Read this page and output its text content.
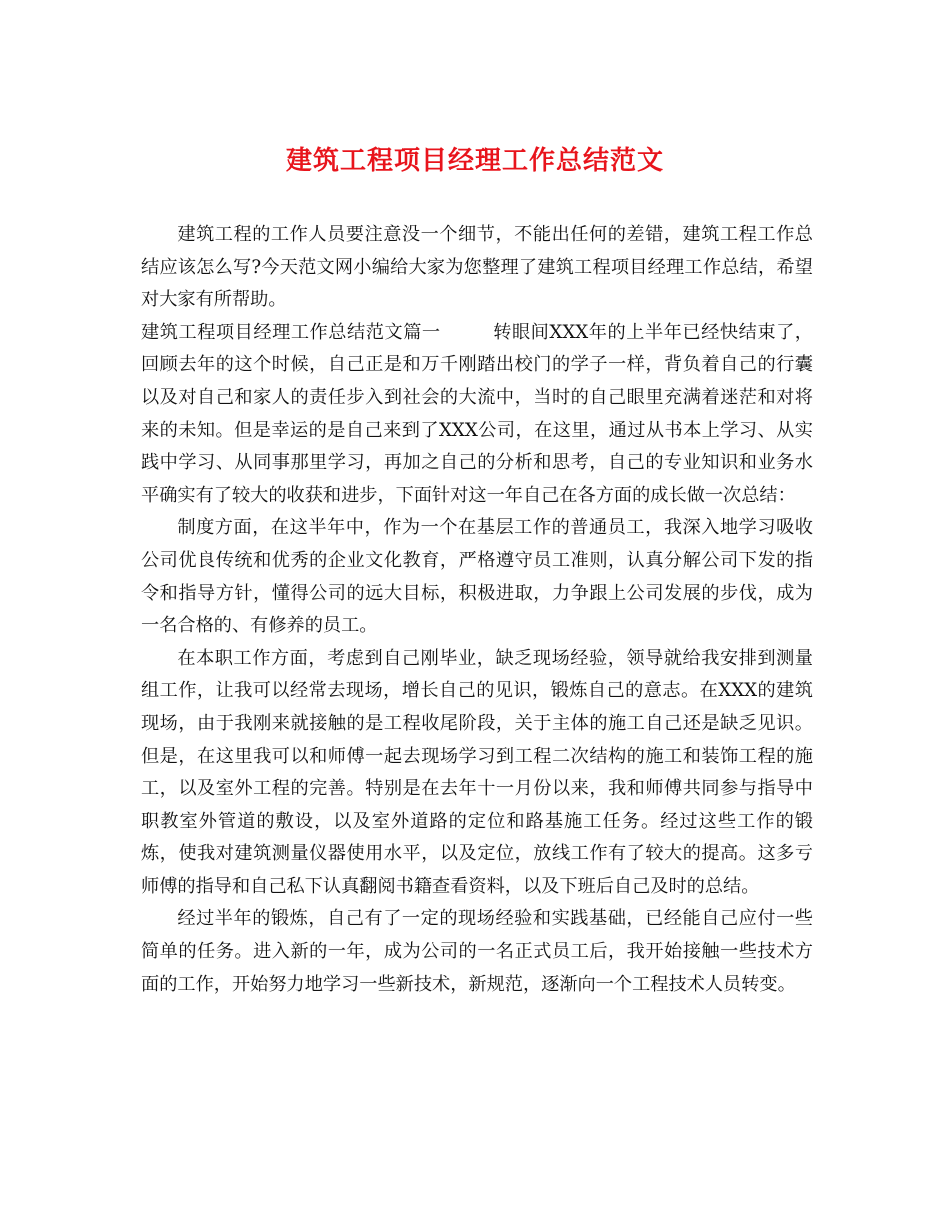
建筑工程项目经理工作总结范文

建筑工程的工作人员要注意没一个细节，不能出任何的差错，建筑工程工作总结应该怎么写?今天范文网小编给大家为您整理了建筑工程项目经理工作总结，希望对大家有所帮助。

建筑工程项目经理工作总结范文篇一	转眼间XXX年的上半年已经快结束了，回顾去年的这个时候，自己正是和万千刚踏出校门的学子一样，背负着自己的行囊以及对自己和家人的责任步入到社会的大流中，当时的自己眼里充满着迷茫和对将来的未知。但是幸运的是自己来到了XXX公司，在这里，通过从书本上学习、从实践中学习、从同事那里学习，再加之自己的分析和思考，自己的专业知识和业务水平确实有了较大的收获和进步，下面针对这一年自己在各方面的成长做一次总结：

制度方面，在这半年中，作为一个在基层工作的普通员工，我深入地学习吸收公司优良传统和优秀的企业文化教育，严格遵守员工准则，认真分解公司下发的指令和指导方针，懂得公司的远大目标，积极进取，力争跟上公司发展的步伐，成为一名合格的、有修养的员工。

在本职工作方面，考虑到自己刚毕业，缺乏现场经验，领导就给我安排到测量组工作，让我可以经常去现场，增长自己的见识，锻炼自己的意志。在XXX的建筑现场，由于我刚来就接触的是工程收尾阶段，关于主体的施工自己还是缺乏见识。但是，在这里我可以和师傅一起去现场学习到工程二次结构的施工和装饰工程的施工，以及室外工程的完善。特别是在去年十一月份以来，我和师傅共同参与指导中职教室外管道的敷设，以及室外道路的定位和路基施工任务。经过这些工作的锻炼，使我对建筑测量仪器使用水平，以及定位，放线工作有了较大的提高。这多亏师傅的指导和自己私下认真翻阅书籍查看资料，以及下班后自己及时的总结。

经过半年的锻炼，自己有了一定的现场经验和实践基础，已经能自己应付一些简单的任务。进入新的一年，成为公司的一名正式员工后，我开始接触一些技术方面的工作，开始努力地学习一些新技术，新规范，逐渐向一个工程技术人员转变。
